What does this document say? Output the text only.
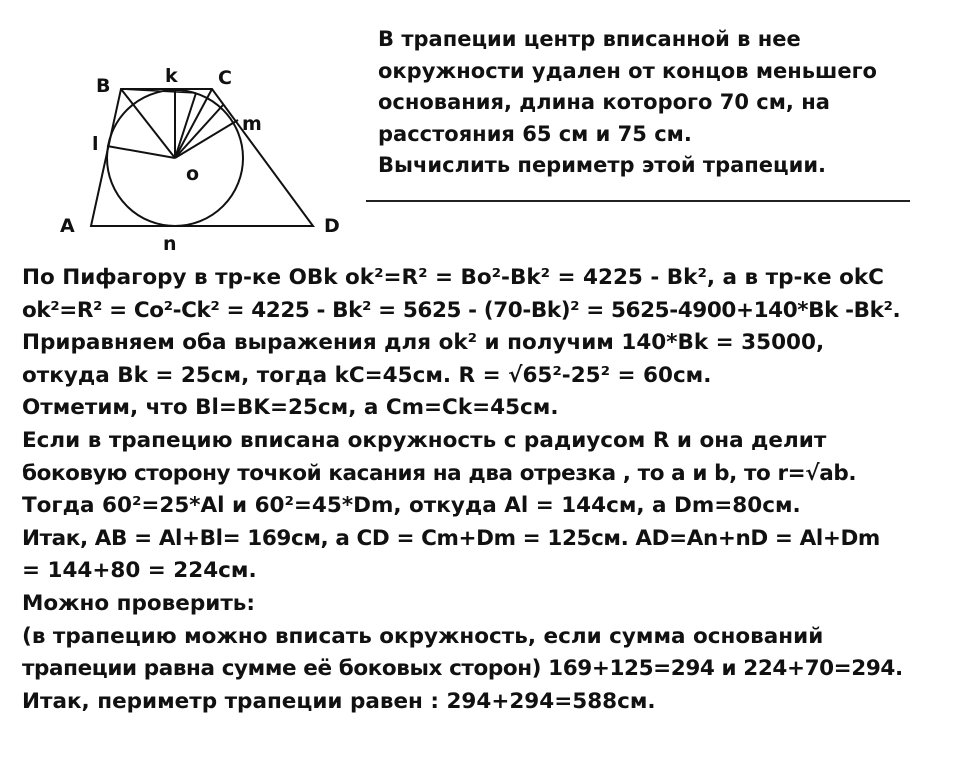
B	k C
l
m
o
A
n
D
В трапеции центр вписанной в нее
окружности удален от концов меньшего
основания, длина которого 70 см, на
расстояния 65 см и 75 см.
Вычислить периметр этой трапеции.
По Пифагору в тр-ке OBk ok²=R² = Bo²-Bk² = 4225 - Bk², а в тр-ке okC
ok²=R² = Co²-Ck² = 4225 - Bk² = 5625 - (70-Bk)² = 5625-4900+140*Bk -Bk².
Приравняем оба выражения для ok² и получим 140*Bk = 35000,
откуда Bk = 25см, тогда kC=45см. R = √65²-25² = 60см.
Отметим, что Bl=BK=25см, а Cm=Ck=45см.
Если в трапецию вписана окружность с радиусом R и она делит
боковую сторону точкой касания на два отрезка , то a и b, то r=√ab.
Тогда 60²=25*Al и 60²=45*Dm, откуда Al = 144см, а Dm=80см.
Итак, AB = Al+Bl= 169см, а CD = Cm+Dm = 125см. AD=An+nD = Al+Dm
= 144+80 = 224см.
Можно проверить:
(в трапецию можно вписать окружность, если сумма оснований
трапеции равна сумме её боковых сторон) 169+125=294 и 224+70=294.
Итак, периметр трапеции равен : 294+294=588см.
